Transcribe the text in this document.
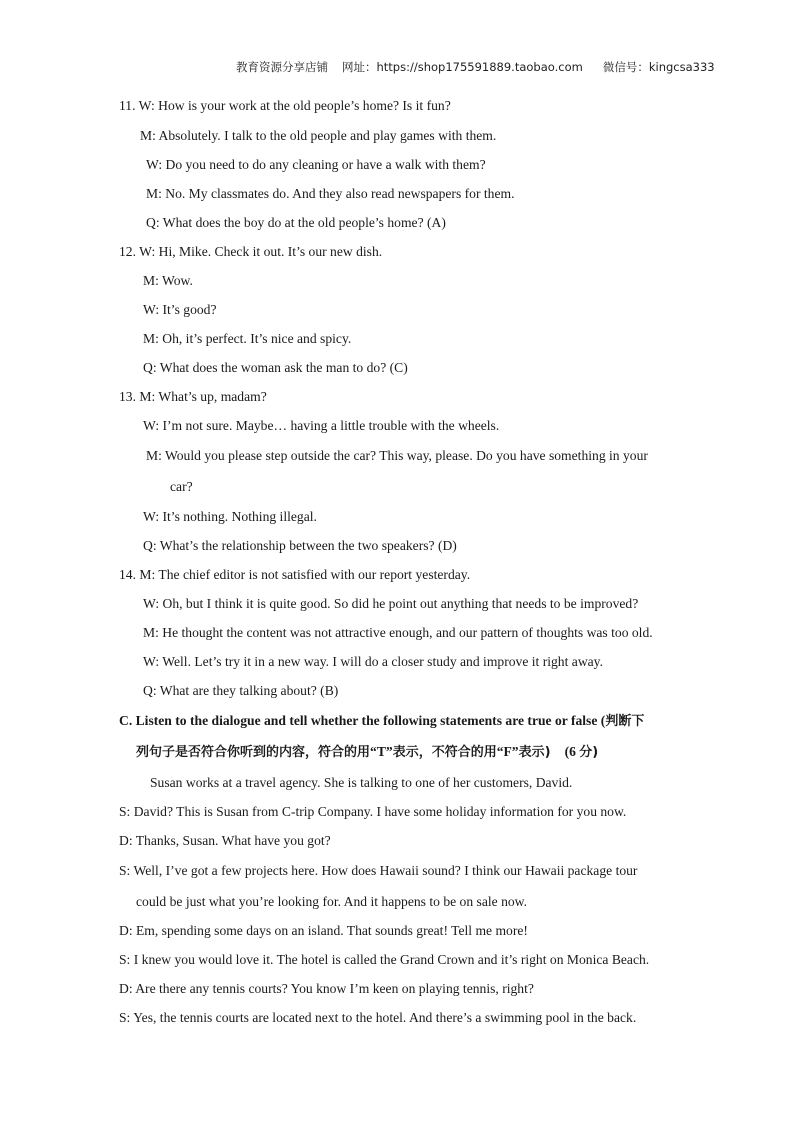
教育资源分享店铺 网址：https://shop175591889.taobao.com 微信号：kingcsa333
11. W: How is your work at the old people’s home? Is it fun?
M: Absolutely. I talk to the old people and play games with them.
W: Do you need to do any cleaning or have a walk with them?
M: No. My classmates do. And they also read newspapers for them.
Q: What does the boy do at the old people’s home? (A)
12. W: Hi, Mike. Check it out. It’s our new dish.
M: Wow.
W: It’s good?
M: Oh, it’s perfect. It’s nice and spicy.
Q: What does the woman ask the man to do? (C)
13. M: What’s up, madam?
W: I’m not sure. Maybe… having a little trouble with the wheels.
M: Would you please step outside the car? This way, please. Do you have something in your
car?
W: It’s nothing. Nothing illegal.
Q: What’s the relationship between the two speakers? (D)
14. M: The chief editor is not satisfied with our report yesterday.
W: Oh, but I think it is quite good. So did he point out anything that needs to be improved?
M: He thought the content was not attractive enough, and our pattern of thoughts was too old.
W: Well. Let’s try it in a new way. I will do a closer study and improve it right away.
Q: What are they talking about? (B)
C. Listen to the dialogue and tell whether the following statements are true or false (判断下
列句子是否符合你听到的内容，符合的用“T”表示，不符合的用“F”表示) (6 分)
Susan works at a travel agency. She is talking to one of her customers, David.
S: David? This is Susan from C-trip Company. I have some holiday information for you now.
D: Thanks, Susan. What have you got?
S: Well, I’ve got a few projects here. How does Hawaii sound? I think our Hawaii package tour
could be just what you’re looking for. And it happens to be on sale now.
D: Em, spending some days on an island. That sounds great! Tell me more!
S: I knew you would love it. The hotel is called the Grand Crown and it’s right on Monica Beach.
D: Are there any tennis courts? You know I’m keen on playing tennis, right?
S: Yes, the tennis courts are located next to the hotel. And there’s a swimming pool in the back.
